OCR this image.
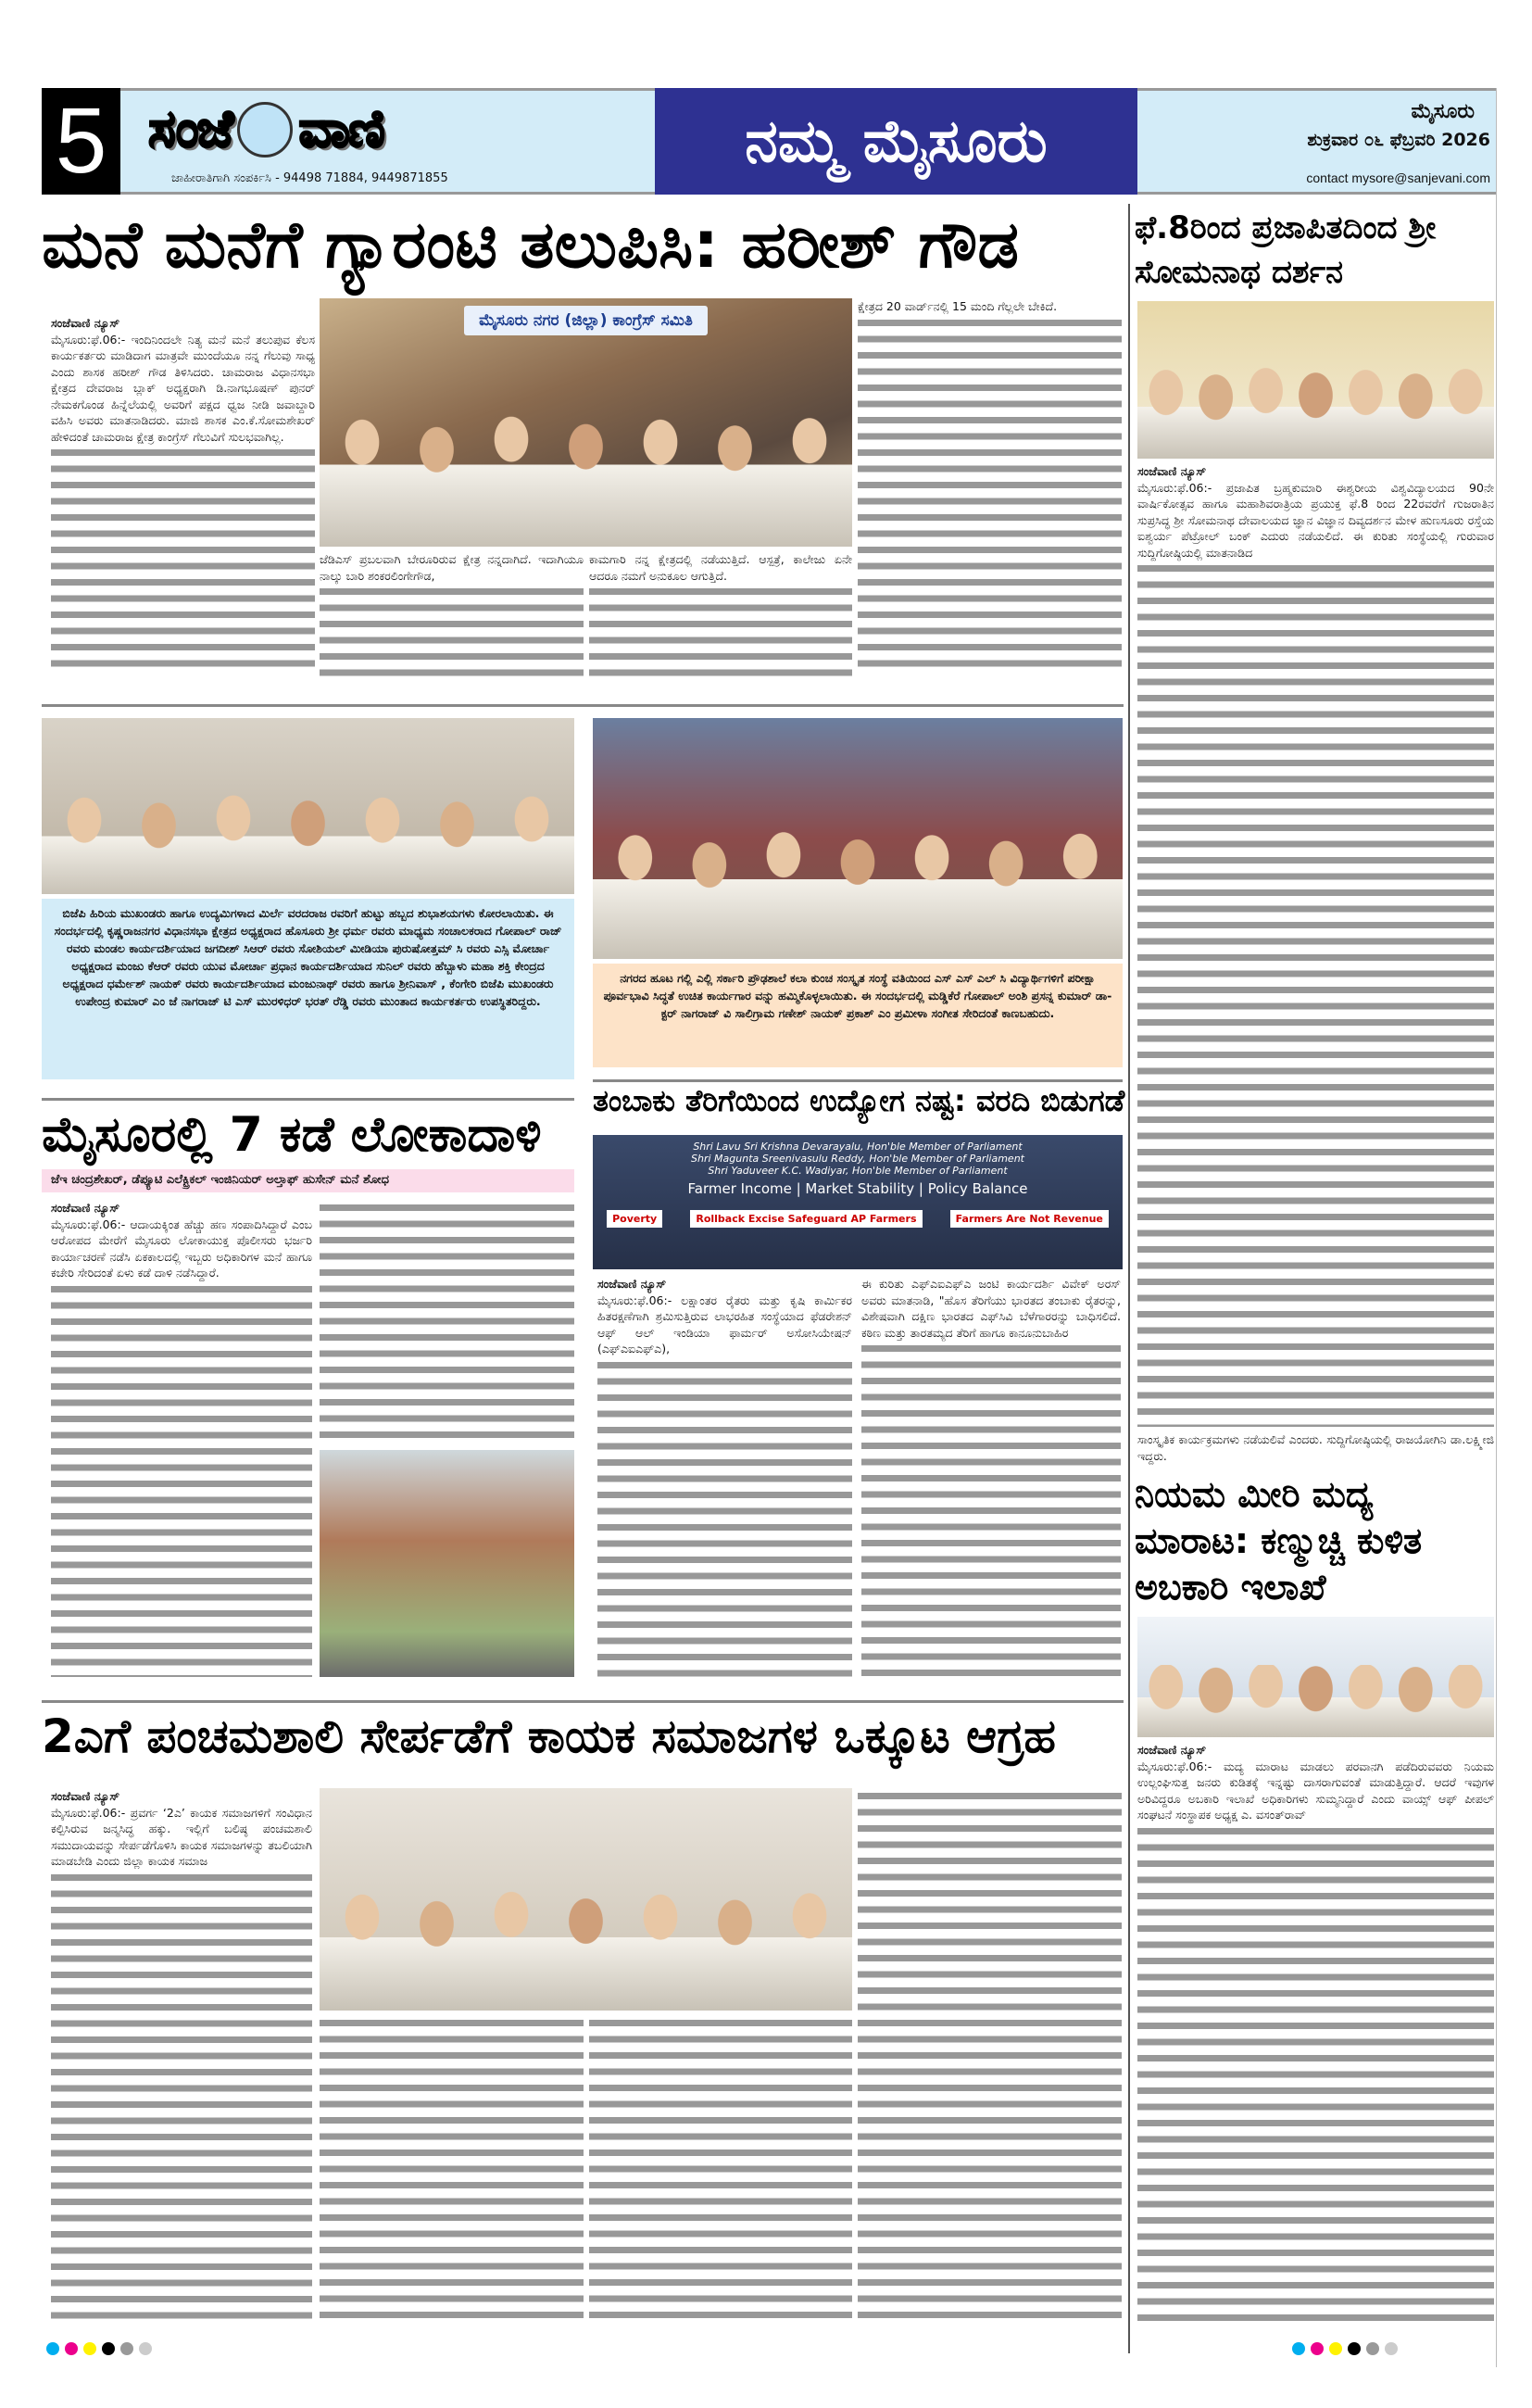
5 ಸಂಜೆ ವಾಣಿ
ಜಾಹೀರಾತಿಗಾಗಿ ಸಂಪರ್ಕಿಸಿ - 94498 71884, 9449871855
ನಮ್ಮ ಮೈಸೂರು	ಮೈಸೂರು
ಶುಕ್ರವಾರ ೦೬ ಫೆಬ್ರವರಿ 2026
contact mysore@sanjevani.com
ಮನೆ ಮನೆಗೆ ಗ್ಯಾರಂಟಿ ತಲುಪಿಸಿ: ಹರೀಶ್ ಗೌಡ
ಸಂಜೆವಾಣಿ ನ್ಯೂಸ್
ಮೈಸೂರು:ಫೆ.06:- ಇಂದಿನಿಂದಲೇ ನಿತ್ಯ ಮನೆ ಮನೆ ತಲುಪುವ ಕೆಲಸ ಕಾರ್ಯಕರ್ತರು ಮಾಡಿದಾಗ ಮಾತ್ರವೇ ಮುಂದೆಯೂ ನನ್ನ ಗೆಲುವು ಸಾಧ್ಯ ಎಂದು ಶಾಸಕ ಹರೀಶ್ ಗೌಡ ತಿಳಿಸಿದರು. ಚಾಮರಾಜ ವಿಧಾನಸಭಾ ಕ್ಷೇತ್ರದ ದೇವರಾಜ ಬ್ಲಾಕ್ ಅಧ್ಯಕ್ಷರಾಗಿ ಡಿ.ನಾಗಭೂಷಣ್ ಪುನರ್ ನೇಮಕಗೊಂಡ ಹಿನ್ನೆಲೆಯಲ್ಲಿ ಅವರಿಗೆ ಪಕ್ಷದ ಧ್ವಜ ನೀಡಿ ಜವಾಬ್ದಾರಿ ವಹಿಸಿ ಅವರು ಮಾತನಾಡಿದರು. ಮಾಜಿ ಶಾಸಕ ಎಂ.ಕೆ.ಸೋಮಶೇಖರ್ ಹೇಳಿದಂತೆ ಚಾಮರಾಜ ಕ್ಷೇತ್ರ ಕಾಂಗ್ರೆಸ್ ಗೆಲುವಿಗೆ ಸುಲಭವಾಗಿಲ್ಲ.
ಮೈಸೂರು ನಗರ (ಜಿಲ್ಲಾ) ಕಾಂಗ್ರೆಸ್ ಸಮಿತಿ
ಜೆಡಿಎಸ್ ಪ್ರಬಲವಾಗಿ ಬೇರೂರಿರುವ ಕ್ಷೇತ್ರ ನನ್ನದಾಗಿದೆ. ಇದಾಗಿಯೂ ನಾಲ್ಕು ಬಾರಿ ಶಂಕರಲಿಂಗೇಗೌಡ,
ಕಾಮಗಾರಿ ನನ್ನ ಕ್ಷೇತ್ರದಲ್ಲಿ ನಡೆಯುತ್ತಿದೆ. ಆಸ್ಪತ್ರೆ, ಕಾಲೇಜು ಏನೇ ಆದರೂ ನಮಗೆ ಅನುಕೂಲ ಆಗುತ್ತಿದೆ.
ಕ್ಷೇತ್ರದ 20 ವಾರ್ಡ್‌ನಲ್ಲಿ 15 ಮಂದಿ ಗೆಲ್ಲಲೇ ಬೇಕಿದೆ.
ಬಿಜೆಪಿ ಹಿರಿಯ ಮುಖಂಡರು ಹಾಗೂ ಉದ್ಯಮಿಗಳಾದ ಮಿರ್ಲೆ ವರದರಾಜ ರವರಿಗೆ ಹುಟ್ಟು ಹಬ್ಬದ ಶುಭಾಶಯಗಳು ಕೋರಲಾಯಿತು. ಈ ಸಂದರ್ಭದಲ್ಲಿ ಕೃಷ್ಣರಾಜನಗರ ವಿಧಾನಸಭಾ ಕ್ಷೇತ್ರದ ಅಧ್ಯಕ್ಷರಾದ ಹೊಸೂರು ಶ್ರೀ ಧರ್ಮ ರವರು ಮಾಧ್ಯಮ ಸಂಚಾಲಕರಾದ ಗೋಪಾಲ್ ರಾಜ್ ರವರು ಮಂಡಲ ಕಾರ್ಯದರ್ಶಿಯಾದ ಜಗದೀಶ್ ಸಿಆರ್ ರವರು ಸೋಶಿಯಲ್ ಮೀಡಿಯಾ ಪುರುಷೋತ್ತಮ್ ಸಿ ರವರು ಎಸ್ಸಿ ಮೋರ್ಚಾ ಅಧ್ಯಕ್ಷರಾದ ಮಂಜು ಕೆಆರ್ ರವರು ಯುವ ಮೋರ್ಚಾ ಪ್ರಧಾನ ಕಾರ್ಯದರ್ಶಿಯಾದ ಸುನಿಲ್ ರವರು ಹೆಬ್ಬಾಳು ಮಹಾ ಶಕ್ತಿ ಕೇಂದ್ರದ ಅಧ್ಯಕ್ಷರಾದ ಧರ್ಮೇಶ್ ನಾಯಕ್ ರವರು ಕಾರ್ಯದರ್ಶಿಯಾದ ಮಂಜುನಾಥ್ ರವರು ಹಾಗೂ ಶ್ರೀನಿವಾಸ್ , ಕೆಂಗೇರಿ ಬಿಜೆಪಿ ಮುಖಂಡರು ಉಪೇಂದ್ರ ಕುಮಾರ್ ಎಂ ಜೆ ನಾಗರಾಜ್ ಟಿ ಎಸ್ ಮುರಳಿಧರ್ ಭರತ್ ರೆಡ್ಡಿ ರವರು ಮುಂತಾದ ಕಾರ್ಯಕರ್ತರು ಉಪಸ್ಥಿತರಿದ್ದರು.
ನಗರದ ಹೂಟ ಗಲ್ಲಿ ಎಲ್ಲಿ ಸರ್ಕಾರಿ ಪ್ರೌಢಶಾಲೆ ಕಲಾ ಕುಂಚ ಸಂಸ್ಕೃತ ಸಂಸ್ಥೆ ವತಿಯಿಂದ ಎಸ್ ಎಸ್ ಎಲ್ ಸಿ ವಿದ್ಯಾರ್ಥಿಗಳಿಗೆ ಪರೀಕ್ಷಾ ಪೂರ್ವಭಾವಿ ಸಿದ್ಧತೆ ಉಚಿತ ಕಾರ್ಯಗಾರ ವನ್ನು ಹಮ್ಮಿಕೊಳ್ಳಲಾಯಿತು. ಈ ಸಂದರ್ಭದಲ್ಲಿ ಮಡ್ಡಿಕೆರೆ ಗೋಪಾಲ್ ಅಂಶಿ ಪ್ರಸನ್ನ ಕುಮಾರ್ ಡಾ-ಕ್ಟರ್ ನಾಗರಾಜ್ ವಿ ಸಾಲಿಗ್ರಾಮ ಗಣೇಶ್ ನಾಯಕ್ ಪ್ರಕಾಶ್ ಎಂ ಪ್ರಮೀಳಾ ಸಂಗೀತ ಸೇರಿದಂತೆ ಕಾಣಬಹುದು.
ಮೈಸೂರಲ್ಲಿ 7 ಕಡೆ ಲೋಕಾದಾಳಿ
ಜೆಇ ಚಂದ್ರಶೇಖರ್, ಡೆಪ್ಯೂಟಿ ಎಲೆಕ್ಟ್ರಿಕಲ್ ಇಂಜಿನಿಯರ್ ಅಲ್ತಾಫ್ ಹುಸೇನ್ ಮನೆ ಶೋಧ
ಸಂಜೆವಾಣಿ ನ್ಯೂಸ್
ಮೈಸೂರು:ಫೆ.06:- ಆದಾಯಕ್ಕಿಂತ ಹೆಚ್ಚು ಹಣ ಸಂಪಾದಿಸಿದ್ದಾರೆ ಎಂಬ ಆರೋಪದ ಮೇರೆಗೆ ಮೈಸೂರು ಲೋಕಾಯುಕ್ತ ಪೊಲೀಸರು ಭರ್ಜರಿ ಕಾರ್ಯಾಚರಣೆ ನಡೆಸಿ ಏಕಕಾಲದಲ್ಲಿ ಇಬ್ಬರು ಅಧಿಕಾರಿಗಳ ಮನೆ ಹಾಗೂ ಕಚೇರಿ ಸೇರಿದಂತೆ ಏಳು ಕಡೆ ದಾಳಿ ನಡೆಸಿದ್ದಾರೆ.
ತಂಬಾಕು ತೆರಿಗೆಯಿಂದ ಉದ್ಯೋಗ ನಷ್ಟ: ವರದಿ ಬಿಡುಗಡೆ
Shri Lavu Sri Krishna Devarayalu, Hon'ble Member of Parliament
Shri Magunta Sreenivasulu Reddy, Hon'ble Member of Parliament
Shri Yaduveer K.C. Wadiyar, Hon'ble Member of Parliament
Farmer Income | Market Stability | Policy Balance
Poverty	Rollback Excise Safeguard AP Farmers	Farmers Are Not Revenue
ಸಂಜೆವಾಣಿ ನ್ಯೂಸ್
ಮೈಸೂರು:ಫೆ.06:- ಲಕ್ಷಾಂತರ ರೈತರು ಮತ್ತು ಕೃಷಿ ಕಾರ್ಮಿಕರ ಹಿತರಕ್ಷಣೆಗಾಗಿ ಶ್ರಮಿಸುತ್ತಿರುವ ಲಾಭರಹಿತ ಸಂಸ್ಥೆಯಾದ ಫೆಡರೇಶನ್ ಆಫ್ ಆಲ್ ಇಂಡಿಯಾ ಫಾರ್ಮರ್ ಅಸೋಸಿಯೇಷನ್ (ಎಫ್‌ಎಐಎಫ್‌ಎ),
ಈ ಕುರಿತು ಎಫ್‌ಎಐಎಫ್‌ಎ ಜಂಟಿ ಕಾರ್ಯದರ್ಶಿ ವಿವೇಕ್ ಅರಸ್ ಅವರು ಮಾತನಾಡಿ, "ಹೊಸ ತೆರಿಗೆಯು ಭಾರತದ ತಂಬಾಕು ರೈತರನ್ನು, ವಿಶೇಷವಾಗಿ ದಕ್ಷಿಣ ಭಾರತದ ಎಫ್‌ಸಿವಿ ಬೆಳೆಗಾರರನ್ನು ಬಾಧಿಸಲಿದೆ. ಕಠಿಣ ಮತ್ತು ತಾರತಮ್ಯದ ತೆರಿಗೆ ಹಾಗೂ ಕಾನೂನುಬಾಹಿರ
2ಎಗೆ ಪಂಚಮಶಾಲಿ ಸೇರ್ಪಡೆಗೆ ಕಾಯಕ ಸಮಾಜಗಳ ಒಕ್ಕೂಟ ಆಗ್ರಹ
ಸಂಜೆವಾಣಿ ನ್ಯೂಸ್
ಮೈಸೂರು:ಫೆ.06:- ಪ್ರವರ್ಗ ‘2ಎ’ ಕಾಯಕ ಸಮಾಜಗಳಿಗೆ ಸಂವಿಧಾನ ಕಲ್ಪಿಸಿರುವ ಜನ್ಮಸಿದ್ಧ ಹಕ್ಕು. ಇಲ್ಲಿಗೆ ಬಲಿಷ್ಠ ಪಂಚಮಶಾಲಿ ಸಮುದಾಯವನ್ನು ಸೇರ್ಪಡೆಗೊಳಿಸಿ ಕಾಯಕ ಸಮಾಜಗಳನ್ನು ತಬಲಿಯಾಗಿ ಮಾಡಬೇಡಿ ಎಂದು ಜಿಲ್ಲಾ ಕಾಯಕ ಸಮಾಜ
ಫೆ.8ರಿಂದ ಪ್ರಜಾಪಿತದಿಂದ ಶ್ರೀ ಸೋಮನಾಥ ದರ್ಶನ
ಸಂಜೆವಾಣಿ ನ್ಯೂಸ್
ಮೈಸೂರು:ಫೆ.06:- ಪ್ರಜಾಪಿತ ಬ್ರಹ್ಮಕುಮಾರಿ ಈಶ್ವರೀಯ ವಿಶ್ವವಿದ್ಯಾಲಯದ 90ನೇ ವಾರ್ಷಿಕೋತ್ಸವ ಹಾಗೂ ಮಹಾಶಿವರಾತ್ರಿಯ ಪ್ರಯುಕ್ತ ಫೆ.8 ರಿಂದ 22ರವರೆಗೆ ಗುಜರಾತಿನ ಸುಪ್ರಸಿದ್ಧ ಶ್ರೀ ಸೋಮನಾಥ ದೇವಾಲಯದ ಜ್ಞಾನ ವಿಜ್ಞಾನ ದಿವ್ಯದರ್ಶನ ಮೇಳ ಹುಣಸೂರು ರಸ್ತೆಯ ಐಶ್ವರ್ಯ ಪೆಟ್ರೋಲ್ ಬಂಕ್ ಎದುರು ನಡೆಯಲಿದೆ. ಈ ಕುರಿತು ಸಂಸ್ಥೆಯಲ್ಲಿ ಗುರುವಾರ ಸುದ್ದಿಗೋಷ್ಠಿಯಲ್ಲಿ ಮಾತನಾಡಿದ
ಸಾಂಸ್ಕೃತಿಕ ಕಾರ್ಯಕ್ರಮಗಳು ನಡೆಯಲಿವೆ ಎಂದರು. ಸುದ್ದಿಗೋಷ್ಠಿಯಲ್ಲಿ ರಾಜಯೋಗಿನಿ ಡಾ.ಲಕ್ಷ್ಮೀಜಿ ಇದ್ದರು.
ನಿಯಮ ಮೀರಿ ಮದ್ಯ ಮಾರಾಟ: ಕಣ್ಮುಚ್ಚಿ ಕುಳಿತ ಅಬಕಾರಿ ಇಲಾಖೆ
ಸಂಜೆವಾಣಿ ನ್ಯೂಸ್
ಮೈಸೂರು:ಫೆ.06:- ಮದ್ಯ ಮಾರಾಟ ಮಾಡಲು ಪರವಾನಗಿ ಪಡೆದಿರುವವರು ನಿಯಮ ಉಲ್ಲಂಘಿಸುತ್ತ ಜನರು ಕುಡಿತಕ್ಕೆ ಇನ್ನಷ್ಟು ದಾಸರಾಗುವಂತೆ ಮಾಡುತ್ತಿದ್ದಾರೆ. ಆದರೆ ಇವುಗಳ ಅರಿವಿದ್ದರೂ ಅಬಕಾರಿ ಇಲಾಖೆ ಅಧಿಕಾರಿಗಳು ಸುಮ್ಮನಿದ್ದಾರೆ ಎಂದು ವಾಯ್ಸ್ ಆಫ್ ಪೀಪಲ್ ಸಂಘಟನೆ ಸಂಸ್ಥಾಪಕ ಅಧ್ಯಕ್ಷ ಎ. ವಸಂತ್‌ರಾವ್
